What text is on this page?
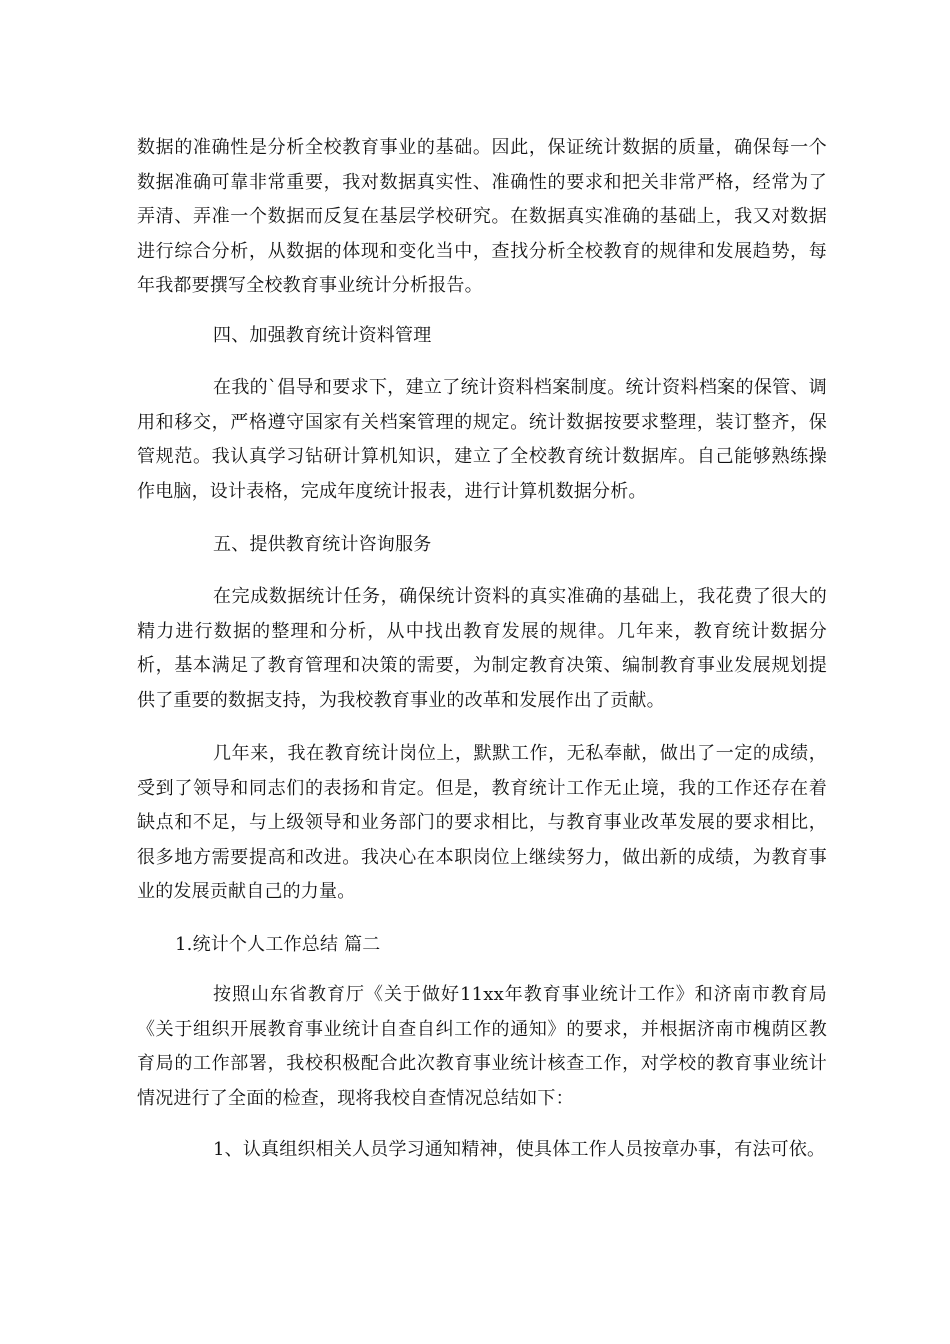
数据的准确性是分析全校教育事业的基础。因此，保证统计数据的质量，确保每一个数据准确可靠非常重要，我对数据真实性、准确性的要求和把关非常严格，经常为了弄清、弄准一个数据而反复在基层学校研究。在数据真实准确的基础上，我又对数据进行综合分析，从数据的体现和变化当中，查找分析全校教育的规律和发展趋势，每年我都要撰写全校教育事业统计分析报告。

四、加强教育统计资料管理

在我的`倡导和要求下，建立了统计资料档案制度。统计资料档案的保管、调用和移交，严格遵守国家有关档案管理的规定。统计数据按要求整理，装订整齐，保管规范。我认真学习钻研计算机知识，建立了全校教育统计数据库。自己能够熟练操作电脑，设计表格，完成年度统计报表，进行计算机数据分析。

五、提供教育统计咨询服务

在完成数据统计任务，确保统计资料的真实准确的基础上，我花费了很大的精力进行数据的整理和分析，从中找出教育发展的规律。几年来，教育统计数据分析，基本满足了教育管理和决策的需要，为制定教育决策、编制教育事业发展规划提供了重要的数据支持，为我校教育事业的改革和发展作出了贡献。

几年来，我在教育统计岗位上，默默工作，无私奉献，做出了一定的成绩，受到了领导和同志们的表扬和肯定。但是，教育统计工作无止境，我的工作还存在着缺点和不足，与上级领导和业务部门的要求相比，与教育事业改革发展的要求相比，很多地方需要提高和改进。我决心在本职岗位上继续努力，做出新的成绩，为教育事业的发展贡献自己的力量。

1.统计个人工作总结 篇二

按照山东省教育厅《关于做好11xx年教育事业统计工作》和济南市教育局《关于组织开展教育事业统计自查自纠工作的通知》的要求，并根据济南市槐荫区教育局的工作部署，我校积极配合此次教育事业统计核查工作，对学校的教育事业统计情况进行了全面的检查，现将我校自查情况总结如下：

1、认真组织相关人员学习通知精神，使具体工作人员按章办事，有法可依。
